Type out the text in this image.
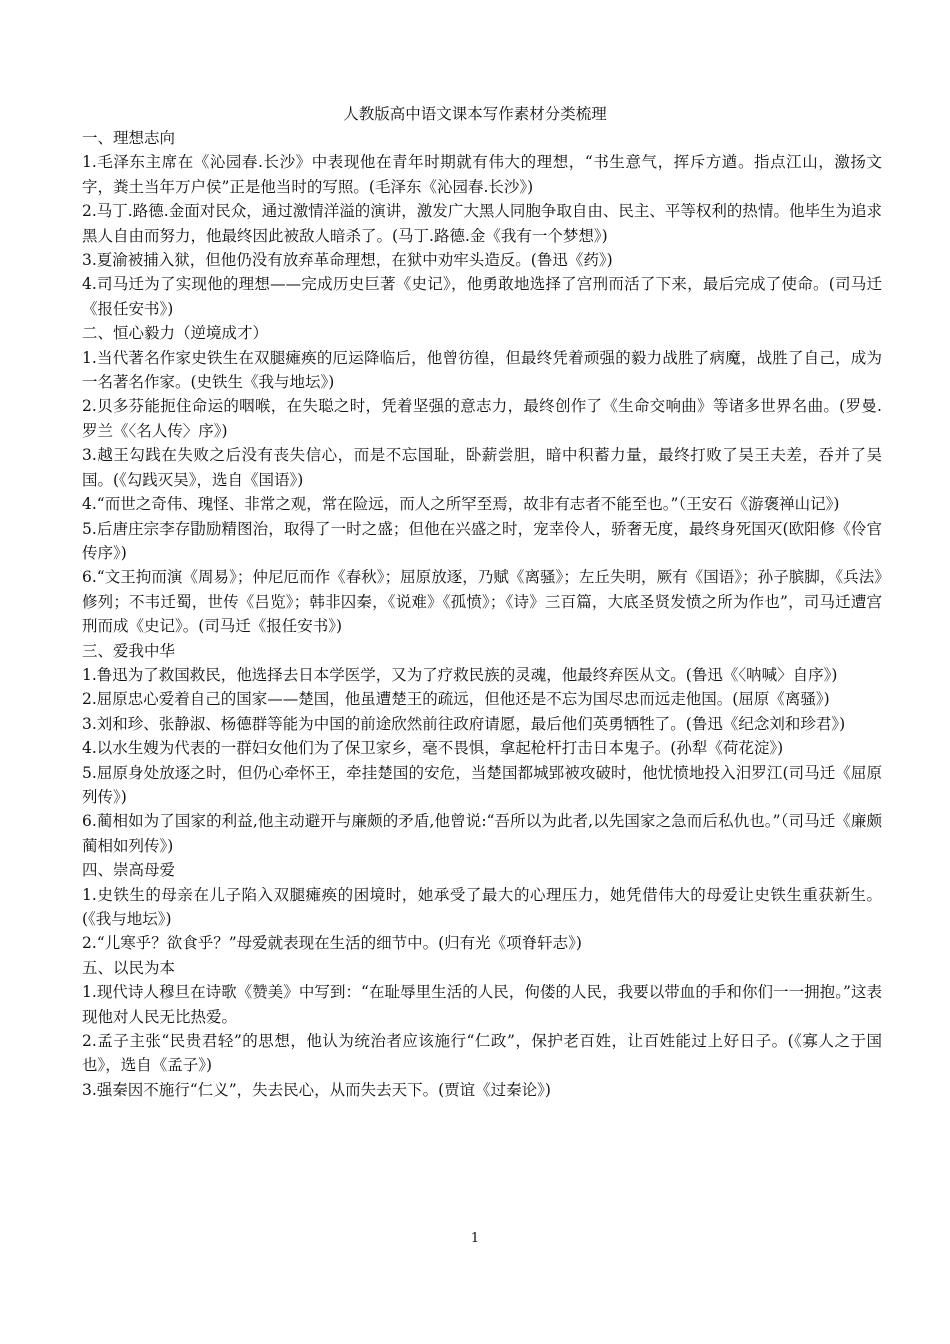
人教版高中语文课本写作素材分类梳理
一、理想志向

1.毛泽东主席在《沁园春.长沙》中表现他在青年时期就有伟大的理想，“书生意气，挥斥方遒。指点江山，激扬文字，粪土当年万户侯”正是他当时的写照。(毛泽东《沁园春.长沙》)

2.马丁.路德.金面对民众，通过激情洋溢的演讲，激发广大黑人同胞争取自由、民主、平等权利的热情。他毕生为追求黑人自由而努力，他最终因此被敌人暗杀了。(马丁.路德.金《我有一个梦想》)

3.夏渝被捕入狱，但他仍没有放弃革命理想，在狱中劝牢头造反。(鲁迅《药》)

4.司马迁为了实现他的理想——完成历史巨著《史记》，他勇敢地选择了宫刑而活了下来，最后完成了使命。(司马迁《报任安书》)

二、恒心毅力（逆境成才）

1.当代著名作家史铁生在双腿瘫痪的厄运降临后，他曾彷徨，但最终凭着顽强的毅力战胜了病魔，战胜了自己，成为一名著名作家。(史铁生《我与地坛》)

2.贝多芬能扼住命运的咽喉，在失聪之时，凭着坚强的意志力，最终创作了《生命交响曲》等诸多世界名曲。(罗曼.罗兰《〈名人传〉序》)

3.越王勾践在失败之后没有丧失信心，而是不忘国耻，卧薪尝胆，暗中积蓄力量，最终打败了吴王夫差，吞并了吴国。(《勾践灭吴》，选自《国语》)

4.“而世之奇伟、瑰怪、非常之观，常在险远，而人之所罕至焉，故非有志者不能至也。”（王安石《游褒禅山记》)

5.后唐庄宗李存勖励精图治，取得了一时之盛；但他在兴盛之时，宠幸伶人，骄奢无度，最终身死国灭(欧阳修《伶官传序》)

6.“文王拘而演《周易》；仲尼厄而作《春秋》；屈原放逐，乃赋《离骚》；左丘失明，厥有《国语》；孙子膑脚，《兵法》修列；不韦迁蜀，世传《吕览》；韩非囚秦，《说难》《孤愤》；《诗》三百篇，大底圣贤发愤之所为作也”，司马迁遭宫刑而成《史记》。(司马迁《报任安书》)

三、爱我中华

1.鲁迅为了救国救民，他选择去日本学医学，又为了疗救民族的灵魂，他最终弃医从文。(鲁迅《〈呐喊〉自序》)

2.屈原忠心爱着自己的国家——楚国，他虽遭楚王的疏远，但他还是不忘为国尽忠而远走他国。(屈原《离骚》)

3.刘和珍、张静淑、杨德群等能为中国的前途欣然前往政府请愿，最后他们英勇牺牲了。(鲁迅《纪念刘和珍君》)

4.以水生嫂为代表的一群妇女他们为了保卫家乡，毫不畏惧，拿起枪杆打击日本鬼子。(孙犁《荷花淀》)

5.屈原身处放逐之时，但仍心牵怀王，牵挂楚国的安危，当楚国都城郢被攻破时，他忧愤地投入汨罗江(司马迁《屈原列传》)

6.蔺相如为了国家的利益,他主动避开与廉颇的矛盾,他曾说:“吾所以为此者,以先国家之急而后私仇也。”（司马迁《廉颇蔺相如列传》)

四、崇高母爱

1.史铁生的母亲在儿子陷入双腿瘫痪的困境时，她承受了最大的心理压力，她凭借伟大的母爱让史铁生重获新生。(《我与地坛》)

2.“儿寒乎？欲食乎？”母爱就表现在生活的细节中。(归有光《项脊轩志》)

五、以民为本

1.现代诗人穆旦在诗歌《赞美》中写到：“在耻辱里生活的人民，佝偻的人民，我要以带血的手和你们一一拥抱。”这表现他对人民无比热爱。

2.孟子主张“民贵君轻”的思想，他认为统治者应该施行“仁政”，保护老百姓，让百姓能过上好日子。(《寡人之于国也》，选自《孟子》)

3.强秦因不施行“仁义”，失去民心，从而失去天下。(贾谊《过秦论》)

1
